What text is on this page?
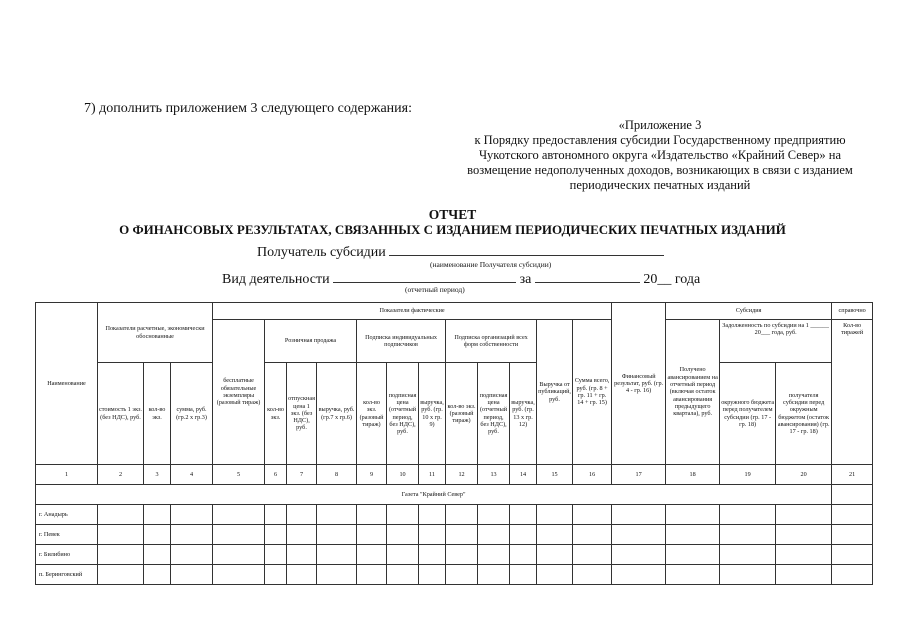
7) дополнить приложением 3 следующего содержания:
«Приложение 3
к Порядку предоставления субсидии Государственному предприятию
Чукотского автономного округа «Издательство «Крайний Север» на
возмещение недополученных доходов, возникающих в связи с изданием
периодических печатных изданий
ОТЧЕТ
О ФИНАНСОВЫХ РЕЗУЛЬТАТАХ, СВЯЗАННЫХ С ИЗДАНИЕМ ПЕРИОДИЧЕСКИХ ПЕЧАТНЫХ ИЗДАНИЙ
Получатель субсидии
(наименование Получателя субсидии)
Вид деятельности	за	20__ года
(отчетный период)
Наименование	Показатели расчетные, экономически обоснованные			Показатели фактические												Финансовый результат, руб. (гр. 4 - гр. 16)	Субсидия			справочно
				бесплатные обязательные экземпляры (разовый тираж)	Розничная продажа			Подписка индивидуальных подписчиков			Подписка организаций всех форм собственности			Выручка от публикаций, руб.	Сумма всего, руб. (гр. 8 + гр. 11 + гр. 14 + гр. 15)		Получено авансированием на отчетный период (включая остаток авансирования предыдущего квартала), руб.	Задолженность по субсидии на 1 ______ 20___ года, руб.		Кол-во тиражей
	стоимость 1 экз. (без НДС), руб.	кол-во экз.	сумма, руб. (гр.2 x гр.3)		кол-во экз.	отпускная цена 1 экз. (без НДС), руб.	выручка, руб. (гр.7 x гр.6)	кол-во экз. (разовый тираж)	подписная цена (отчетный период, без НДС), руб.	выручка, руб. (гр. 10 x гр. 9)	кол-во экз. (разовый тираж)	подписная цена (отчетный период, без НДС), руб.	выручка, руб. (гр. 13 x гр. 12)					окружного бюджета перед получателем субсидии (гр. 17 - гр. 18)	получателя субсидии перед окружным бюджетом (остаток авансирования) (гр. 17 - гр. 18)	
1	2	3	4	5	6	7	8	9	10	11	12	13	14	15	16	17	18	19	20	21
Газета "Крайний Север"																				
г. Анадырь																				
г. Певек																				
г. Билибино																				
п. Беринговский																				
